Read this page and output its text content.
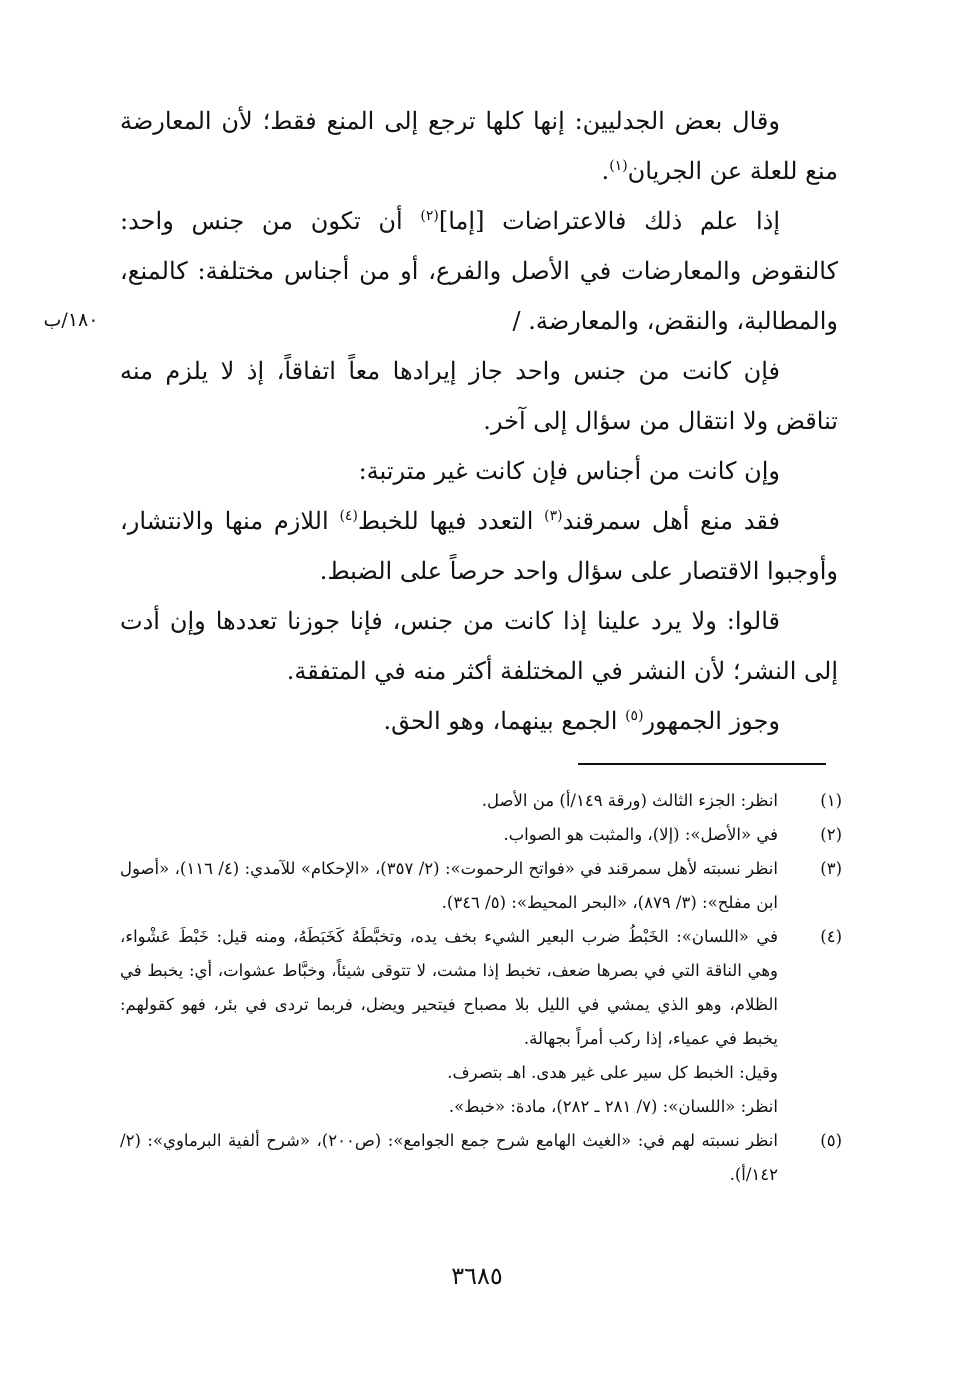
١٨٠/ب

وقال بعض الجدليين: إنها كلها ترجع إلى المنع فقط؛ لأن المعارضة منع للعلة عن الجريان$^{(١)}$.

إذا علم ذلك فالاعتراضات [إما]$^{(٢)}$ أن تكون من جنس واحد: كالنقوض والمعارضات في الأصل والفرع، أو من أجناس مختلفة: كالمنع، والمطالبة، والنقض، والمعارضة. /

فإن كانت من جنس واحد جاز إيرادها معاً اتفاقاً، إذ لا يلزم منه تناقض ولا انتقال من سؤال إلى آخر.

وإن كانت من أجناس فإن كانت غير مترتبة:

فقد منع أهل سمرقند$^{(٣)}$ التعدد فيها للخبط$^{(٤)}$ اللازم منها والانتشار، وأوجبوا الاقتصار على سؤال واحد حرصاً على الضبط.

قالوا: ولا يرد علينا إذا كانت من جنس، فإنا جوزنا تعددها وإن أدت إلى النشر؛ لأن النشر في المختلفة أكثر منه في المتفقة.

وجوز الجمهور$^{(٥)}$ الجمع بينهما، وهو الحق.

(١)
انظر: الجزء الثالث (ورقة ١٤٩/أ) من الأصل.
(٢)
في «الأصل»: (إلا)، والمثبت هو الصواب.
(٣)
انظر نسبته لأهل سمرقند في «فواتح الرحموت»: (٢/ ٣٥٧)، «الإحكام» للآمدي: (٤/ ١١٦)، «أصول ابن مفلح»: (٣/ ٨٧٩)، «البحر المحيط»: (٥/ ٣٤٦).
(٤)
في «اللسان»: الخَبْطُ ضرب البعير الشيء بخف يده، وتخبَّطَهُ كَخَبَطَهُ، ومنه قيل: خَبْطَ عَشْواء، وهي الناقة التي في بصرها ضعف، تخبط إذا مشت، لا تتوقى شيئاً، وخبَّاط عشوات، أي: يخبط في الظلام، وهو الذي يمشي في الليل بلا مصباح فيتحير ويضل، فربما تردى في بئر، فهو كقولهم: يخبط في عمياء، إذا ركب أمراً بجهالة.
وقيل: الخبط كل سير على غير هدى. اهـ بتصرف.
انظر: «اللسان»: (٧/ ٢٨١ ـ ٢٨٢)، مادة: «خبط».
(٥)
انظر نسبته لهم في: «الغيث الهامع شرح جمع الجوامع»: (ص٢٠٠)، «شرح ألفية البرماوي»: (٢/ ١٤٢/أ).
٣٦٨٥
